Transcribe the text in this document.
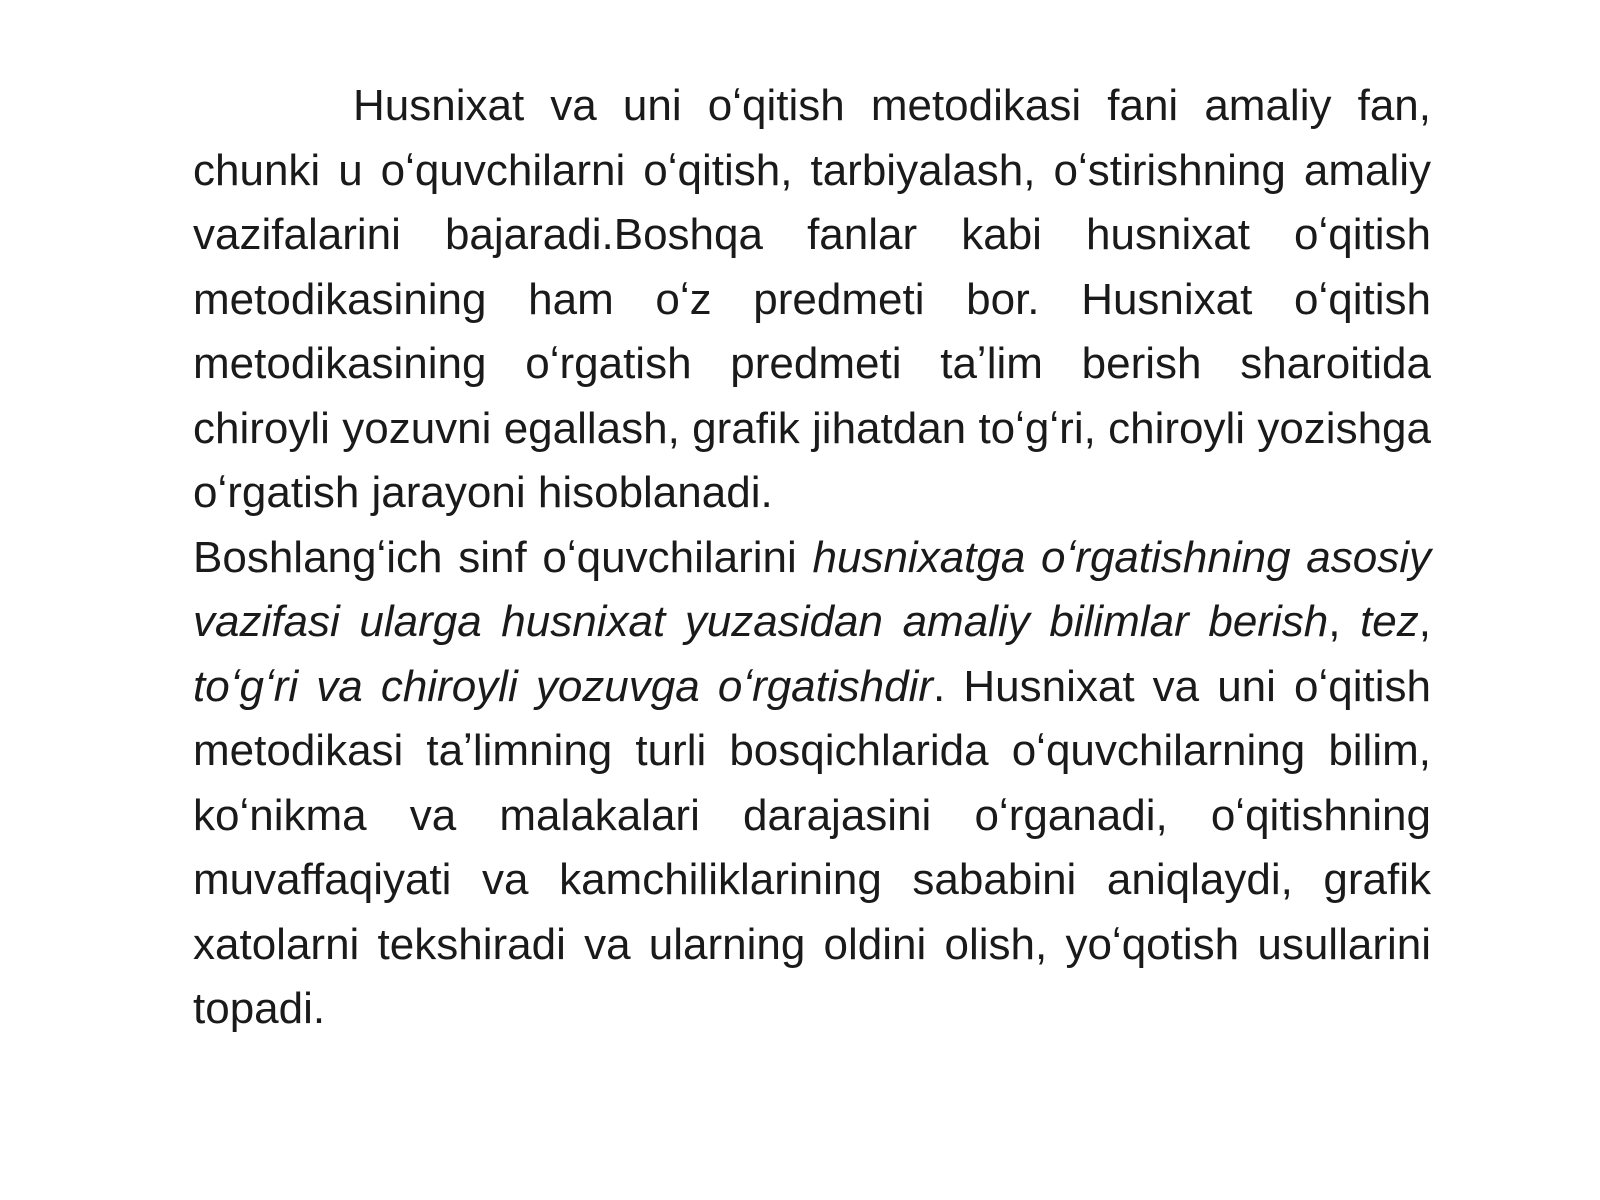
Husnixat va uni oʻqitish metodikasi fani amaliy fan, chunki u oʻquvchilarni oʻqitish, tarbiyalash, oʻstirishning amaliy vazifalarini bajaradi.Boshqa fanlar kabi husnixat oʻqitish metodikasining ham oʻz predmeti bor. Husnixat oʻqitish metodikasining oʻrgatish predmeti taʼlim berish sharoitida chiroyli yozuvni egallash, grafik jihatdan toʻgʻri, chiroyli yozishga oʻrgatish jarayoni hisoblanadi.

Boshlangʻich sinf oʻquvchilarini husnixatga oʻrgatishning asosiy vazifasi ularga husnixat yuzasidan amaliy bilimlar berish, tez, toʻgʻri va chiroyli yozuvga oʻrgatishdir. Husnixat va uni oʻqitish metodikasi taʼlimning turli bosqichlarida oʻquvchilarning bilim, koʻnikma va malakalari darajasini oʻrganadi, oʻqitishning muvaffaqiyati va kamchiliklarining sababini aniqlaydi, grafik xatolarni tekshiradi va ularning oldini olish, yoʻqotish usullarini topadi.
